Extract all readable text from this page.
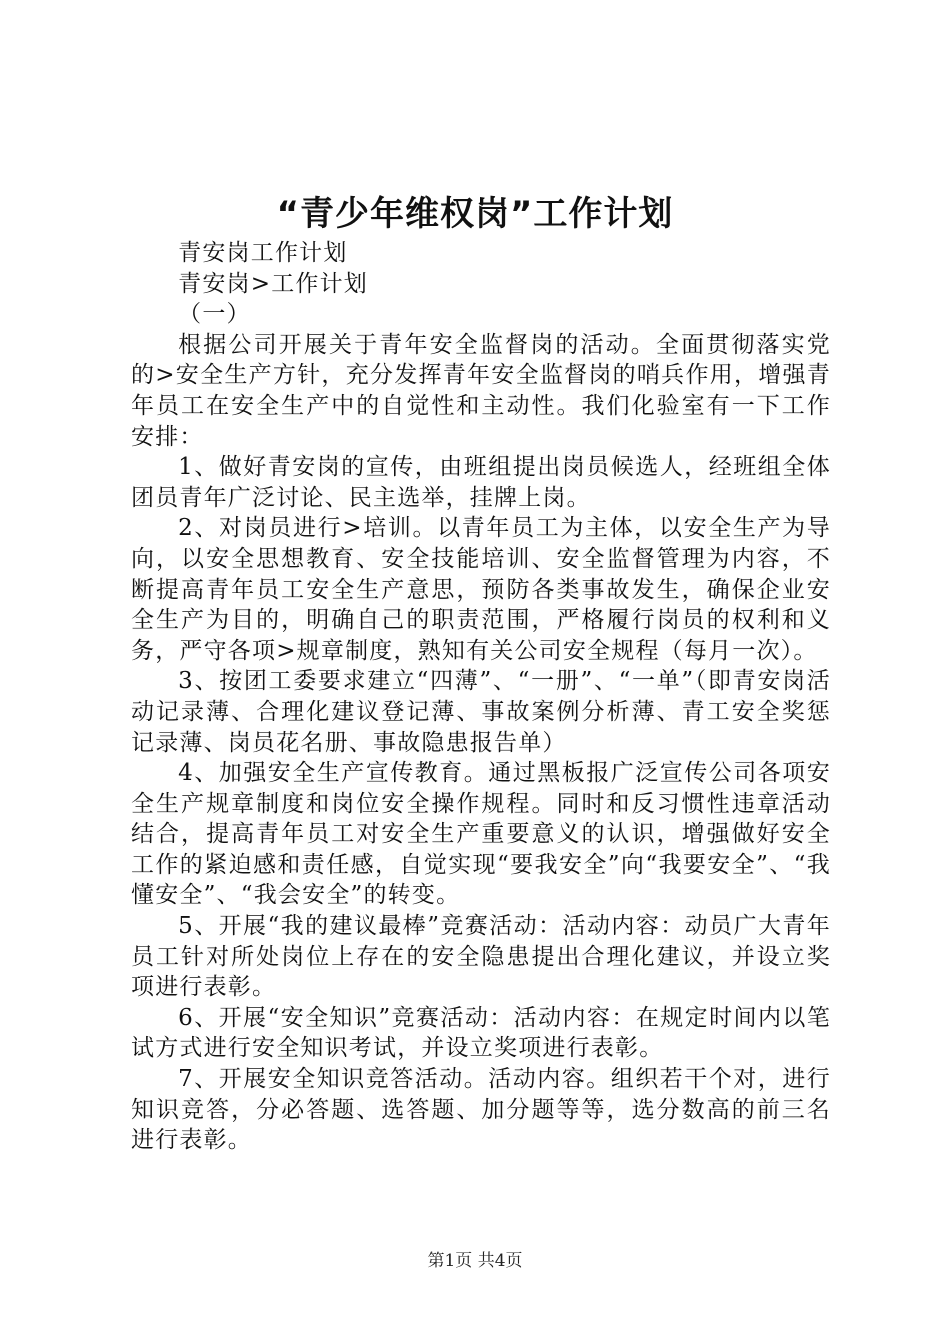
“青少年维权岗”工作计划

青安岗工作计划

青安岗>工作计划

（一）

根据公司开展关于青年安全监督岗的活动。全面贯彻落实党的>安全生产方针，充分发挥青年安全监督岗的哨兵作用，增强青年员工在安全生产中的自觉性和主动性。我们化验室有一下工作安排：

1、做好青安岗的宣传，由班组提出岗员候选人，经班组全体团员青年广泛讨论、民主选举，挂牌上岗。

2、对岗员进行>培训。以青年员工为主体，以安全生产为导向，以安全思想教育、安全技能培训、安全监督管理为内容，不断提高青年员工安全生产意思，预防各类事故发生，确保企业安全生产为目的，明确自己的职责范围，严格履行岗员的权利和义务，严守各项>规章制度，熟知有关公司安全规程（每月一次）。

3、按团工委要求建立“四薄”、“一册”、“一单”（即青安岗活动记录薄、合理化建议登记薄、事故案例分析薄、青工安全奖惩记录薄、岗员花名册、事故隐患报告单）

4、加强安全生产宣传教育。通过黑板报广泛宣传公司各项安全生产规章制度和岗位安全操作规程。同时和反习惯性违章活动结合，提高青年员工对安全生产重要意义的认识，增强做好安全工作的紧迫感和责任感，自觉实现“要我安全”向“我要安全”、“我懂安全”、“我会安全”的转变。

5、开展“我的建议最棒”竞赛活动：活动内容：动员广大青年员工针对所处岗位上存在的安全隐患提出合理化建议，并设立奖项进行表彰。

6、开展“安全知识”竞赛活动：活动内容：在规定时间内以笔试方式进行安全知识考试，并设立奖项进行表彰。

7、开展安全知识竞答活动。活动内容。组织若干个对，进行知识竞答，分必答题、选答题、加分题等等，选分数高的前三名进行表彰。

第1页 共4页
